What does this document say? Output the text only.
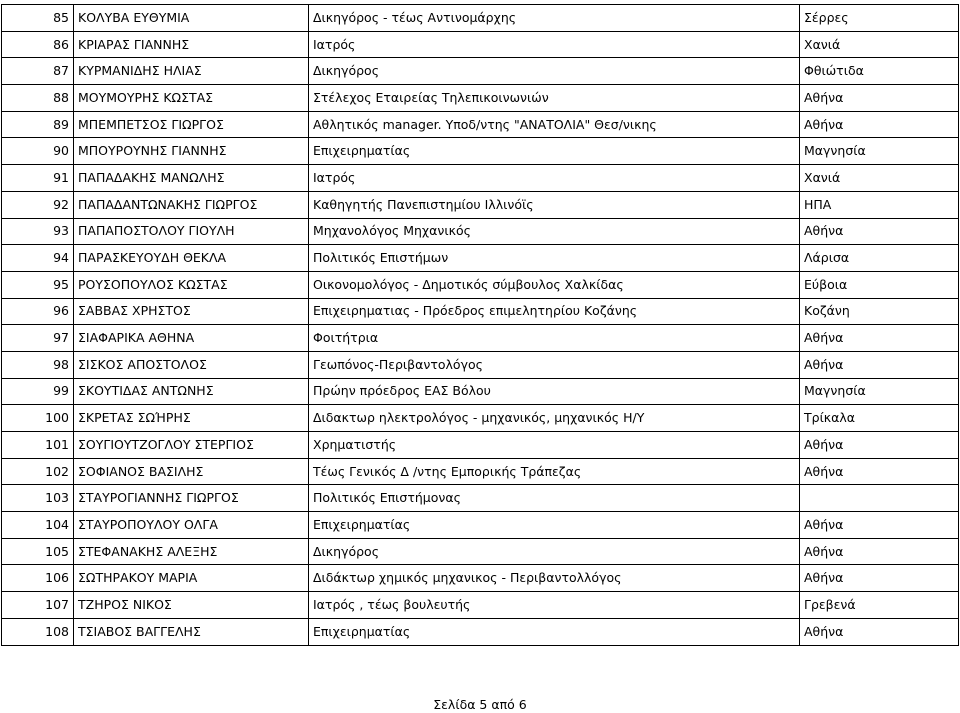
85	ΚΟΛΥΒΑ ΕΥΘΥΜΙΑ	Δικηγόρος - τέως Αντινομάρχης	Σέρρες
86	ΚΡΙΑΡΑΣ ΓΙΑΝΝΗΣ	Ιατρός	Χανιά
87	ΚΥΡΜΑΝΙΔΗΣ ΗΛΙΑΣ	Δικηγόρος	Φθιώτιδα
88	ΜΟΥΜΟΥΡΗΣ ΚΩΣΤΑΣ	Στέλεχος Εταιρείας Τηλεπικοινωνιών	Αθήνα
89	ΜΠΕΜΠΕΤΣΟΣ ΓΙΩΡΓΟΣ	Αθλητικός manager. Υποδ/ντης "ΑΝΑΤΟΛΙΑ" Θεσ/νικης	Αθήνα
90	ΜΠΟΥΡΟΥΝΗΣ ΓΙΑΝΝΗΣ	Επιχειρηματίας	Μαγνησία
91	ΠΑΠΑΔΑΚΗΣ ΜΑΝΩΛΗΣ	Ιατρός	Χανιά
92	ΠΑΠΑΔΑΝΤΩΝΑΚΗΣ ΓΙΩΡΓΟΣ	Καθηγητής Πανεπιστημίου Ιλλινόϊς	ΗΠΑ
93	ΠΑΠΑΠΟΣΤΟΛΟΥ ΓΙΟΥΛΗ	Μηχανολόγος Μηχανικός	Αθήνα
94	ΠΑΡΑΣΚΕΥΟΥΔΗ ΘΕΚΛΑ	Πολιτικός Επιστήμων	Λάρισα
95	ΡΟΥΣΟΠΟΥΛΟΣ ΚΩΣΤΑΣ	Οικονομολόγος - Δημοτικός σύμβουλος Χαλκίδας	Εύβοια
96	ΣΑΒΒΑΣ ΧΡΗΣΤΟΣ	Επιχειρηματιας - Πρόεδρος επιμελητηρίου Κοζάνης	Κοζάνη
97	ΣΙΑΦΑΡΙΚΑ ΑΘΗΝΑ	Φοιτήτρια	Αθήνα
98	ΣΙΣΚΟΣ ΑΠΟΣΤΟΛΟΣ	Γεωπόνος-Περιβαντολόγος	Αθήνα
99	ΣΚΟΥΤΙΔΑΣ ΑΝΤΩΝΗΣ	Πρώην πρόεδρος ΕΑΣ Βόλου	Μαγνησία
100	ΣΚΡΕΤΑΣ ΣΩΉΡΗΣ	Διδακτωρ ηλεκτρολόγος - μηχανικός, μηχανικός Η/Υ	Τρίκαλα
101	ΣΟΥΓΙΟΥΤΖΟΓΛΟΥ ΣΤΕΡΓΙΟΣ	Χρηματιστής	Αθήνα
102	ΣΟΦΙΑΝΟΣ ΒΑΣΙΛΗΣ	Τέως Γενικός Δ /ντης Εμπορικής Τράπεζας	Αθήνα
103	ΣΤΑΥΡΟΓΙΑΝΝΗΣ ΓΙΩΡΓΟΣ	Πολιτικός Επιστήμονας	
104	ΣΤΑΥΡΟΠΟΥΛΟΥ ΟΛΓΑ	Επιχειρηματίας	Αθήνα
105	ΣΤΕΦΑΝΑΚΗΣ ΑΛΕΞΗΣ	Δικηγόρος	Αθήνα
106	ΣΩΤΗΡΑΚΟΥ ΜΑΡΙΑ	Διδάκτωρ χημικός μηχανικος - Περιβαντολλόγος	Αθήνα
107	ΤΖΗΡΟΣ ΝΙΚΟΣ	Ιατρός , τέως βουλευτής	Γρεβενά
108	ΤΣΙΑΒΟΣ ΒΑΓΓΕΛΗΣ	Επιχειρηματίας	Αθήνα
Σελίδα 5 από 6
